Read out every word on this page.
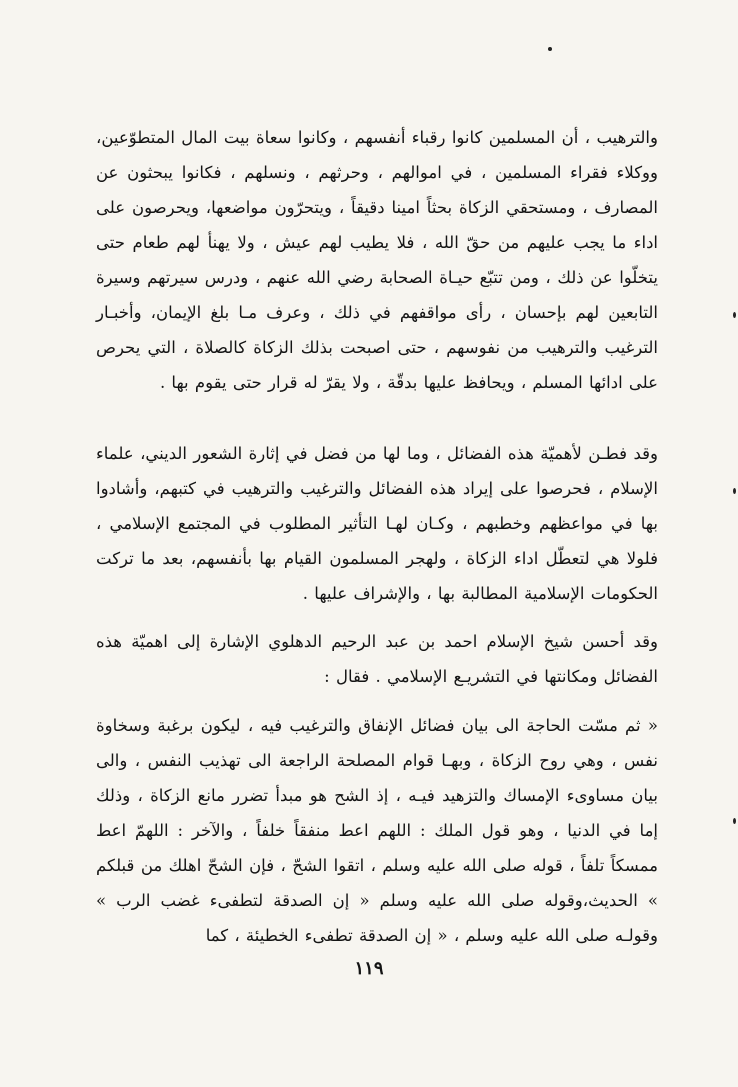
والترهيب ، أن المسلمين كانوا رقباء أنفسهم ، وكانوا سعاة بيت المال المتطوّعين، ووكلاء فقراء المسلمين ، في اموالهم ، وحرثهم ، ونسلهم ، فكانوا يبحثون عن المصارف ، ومستحقي الزكاة بحثاً امينا دقيقاً ، ويتحرّون مواضعها، ويحرصون على اداء ما يجب عليهم من حقّ الله ، فلا يطيب لهم عيش ، ولا يهنأ لهم طعام حتى يتخلّوا عن ذلك ، ومن تتبّع حيـاة الصحابة رضي الله عنهم ، ودرس سيرتهم وسيرة التابعين لهم بإحسان ، رأى مواقفهم في ذلك ، وعرف مـا بلغ الإيمان، وأخبـار الترغيب والترهيب من نفوسهم ، حتى اصبحت بذلك الزكاة كالصلاة ، التي يحرص على ادائها المسلم ، ويحافظ عليها بدقّة ، ولا يقرّ له قرار حتى يقوم بها .

وقد فطـن لأهميّة هذه الفضائل ، وما لها من فضل في إثارة الشعور الديني، علماء الإسلام ، فحرصوا على إيراد هذه الفضائل والترغيب والترهيب في كتبهم، وأشادوا بها في مواعظهم وخطبهم ، وكـان لهـا التأثير المطلوب في المجتمع الإسلامي ، فلولا هي لتعطّل اداء الزكاة ، ولهجر المسلمون القيام بها بأنفسهم، بعد ما تركت الحكومات الإسلامية المطالبة بها ، والإشراف عليها .

وقد أحسن شيخ الإسلام احمد بن عبد الرحيم الدهلوي الإشارة إلى اهميّة هذه الفضائل ومكانتها في التشريـع الإسلامي . فقال :

« ثم مسّت الحاجة الى بيان فضائل الإنفاق والترغيب فيه ، ليكون برغبة وسخاوة نفس ، وهي روح الزكاة ، وبهـا قوام المصلحة الراجعة الى تهذيب النفس ، والى بيان مساوىء الإمساك والتزهيد فيـه ، إذ الشح هو مبدأ تضرر مانع الزكاة ، وذلك إما في الدنيا ، وهو قول الملك : اللهم اعط منفقاً خلفاً ، والآخر : اللهمّ اعط ممسكاً تلفاً ، قوله صلى الله عليه وسلم ، اتقوا الشحّ ، فإن الشحّ اهلك من قبلكم » الحديث،وقوله صلى الله عليه وسلم « إن الصدقة لتطفىء غضب الرب » وقولـه صلى الله عليه وسلم ، « إن الصدقة تطفىء الخطيئة ، كما

١١٩
